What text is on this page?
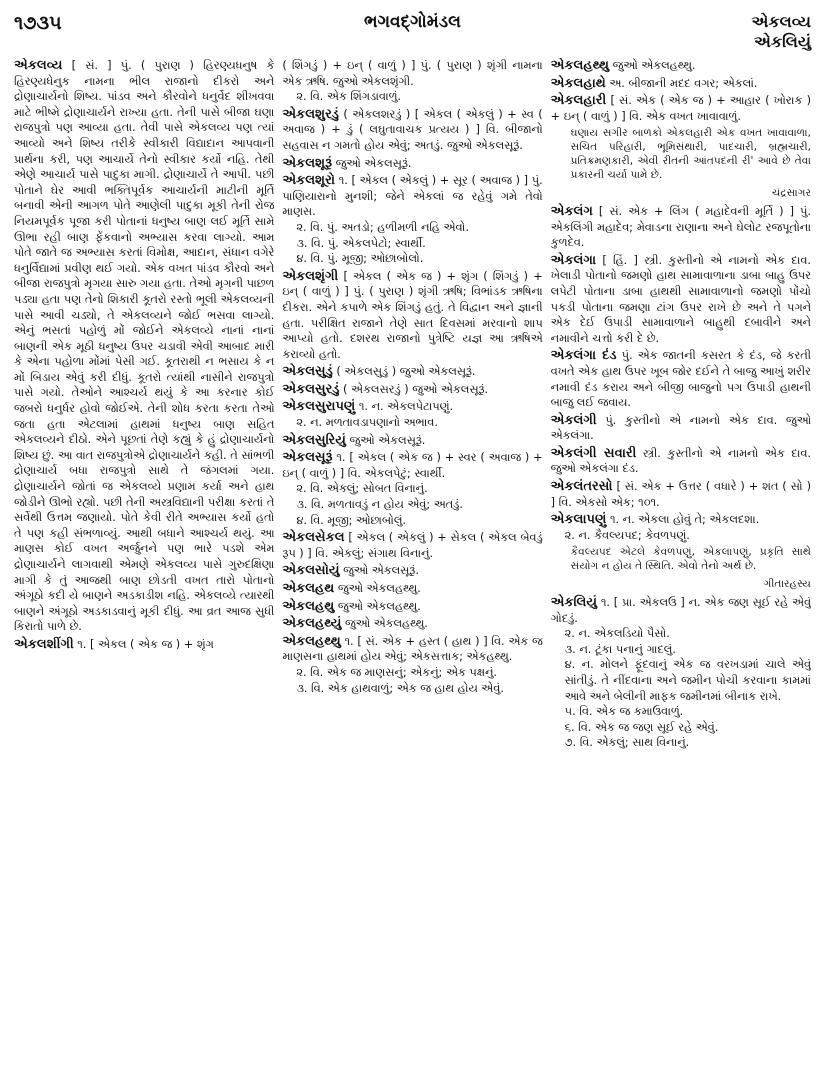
૧૭૩૫	ભગવદ્ગોમંડલ	એકલવ્ય
એકલિયું
એકલવ્ય [ સં. ] પું. ( પુરાણ ) હિરણ્યધનુષ કે હિરણ્યધેનુક નામના ભીલ રાજાનો દીકરો અને દ્રોણાચાર્યનો શિષ્ય. પાંડવ અને કૌરવોને ધનુર્વેદ શીખવવા માટે ભીષ્મે દ્રોણાચાર્યને રાખ્યા હતા. તેની પાસે બીજા ઘણા રાજપુત્રો પણ આવ્યા હતા. તેવી પાસે એકલવ્ય પણ ત્યાં આવ્યો અને શિષ્ય તરીકે સ્વીકારી વિદ્યાદાન આપવાની પ્રાર્થના કરી, પણ આચાર્યે તેનો સ્વીકાર કર્યો નહિ. તેથી એણે આચાર્ય પાસે પાદુકા માગી. દ્રોણાચાર્યે તે આપી. પછી પોતાને ઘેર આવી ભક્તિપૂર્વક આચાર્યની માટીની મૂર્તિ બનાવી એની આગળ પોતે આણેલી પાદુકા મૂકી તેની રોજ નિયમપૂર્વક પૂજા કરી પોતાનાં ધનુષ્ય બાણ લઈ મૂર્તિ સામે ઊભા રહી બાણ ફેંકવાનો અભ્યાસ કરવા લાગ્યો. આમ પોતે જાતે જ અભ્યાસ કરતાં વિમોક્ષ, આદાન, સંધાન વગેરે ધનુર્વિદ્યામાં પ્રવીણ થઈ ગયો. એક વખત પાંડવ કૌરવો અને બીજા રાજપુત્રો મૃગયા સારુ ગયા હતા. તેઓ મૃગની પાછળ પડ્યા હતા પણ તેનો શિકારી કૂતરો રસ્તો ભૂલી એકલવ્યની પાસે આવી ચડ્યો, તે એકલવ્યને જોઈ ભસવા લાગ્યો. એનું ભસતાં પહોળું મોં જોઈને એકલવ્યે નાનાં નાનાં બાણની એક મૂઠી ધનુષ્ય ઉપર ચડાવી એવી આબાદ મારી કે એના પહોળા મોંમાં પેસી ગઈ. કૂતરાથી ન ભસાય કે ન મોં બિડાય એવું કરી દીધું. કૂતરો ત્યાંથી નાસીને રાજપુત્રો પાસે ગયો. તેઓને આશ્ચર્ય થયું કે આ કરનાર કોઈ જબરો ધનુર્ધર હોવો જોઈએ. તેની શોધ કરતા કરતા તેઓ જતા હતા એટલામાં હાથમાં ધનુષ્ય બાણ સહિત એકલવ્યને દીઠો. એને પૂછતાં તેણે કહ્યું કે હું દ્રોણાચાર્યનો શિષ્ય છું. આ વાત રાજપુત્રોએ દ્રોણાચાર્યને કહી. તે સાંભળી દ્રોણાચાર્ય બધા રાજપુત્રો સાથે તે જંગલમાં ગયા. દ્રોણાચાર્યને જોતાં જ એકલવ્યે પ્રણામ કર્યા અને હાથ જોડીને ઊભો રહ્યો. પછી તેની અસ્ત્રવિદ્યાની પરીક્ષા કરતાં તે સર્વેથી ઉત્તમ જણાયો. પોતે કેવી રીતે અભ્યાસ કર્યો હતો તે પણ કહી સંભળાવ્યું. આથી બધાને આશ્ચર્ય થયું. આ માણસ કોઈ વખત અર્જુનને પણ ભારે પડશે એમ દ્રોણાચાર્યને લાગવાથી એમણે એકલવ્ય પાસે ગુરુદક્ષિણા માગી કે તું આજથી બાણ છોડતી વખત તારો પોતાનો અંગૂઠો કદી યે બાણને અડકાડીશ નહિ. એકલવ્યે ત્યારથી બાણને અંગૂઠો અડકાડવાનું મૂકી દીધું. આ વ્રત આજ સુધી કિરાતો પાળે છે.
એકલશીંગી ૧. [ એકલ ( એક જ ) + શૃંગ
( શિંગડું ) + ઇન્ ( વાળું ) ] પું. ( પુરાણ ) શૃંગી નામના એક ઋષિ. જુઓ એકલશૃંગી.
૨. વિ. એક શિંગડાવાળું.
એકલશુરડું ( એકલશરડું ) [ એકલ ( એકલું ) + સ્વ ( અવાજ ) + ડું ( લઘુતાવાચક પ્રત્યય ) ] વિ. બીજાનો સહવાસ ન ગમતો હોય એવું; અતડું. જુઓ એકલસૂરૂં.
એકલશૂરૂં જુઓ એકલસૂરૂં.
એકલશૂરો ૧. [ એકલ ( એકલું ) + સૂર ( અવાજ ) ] પું. પાણિયારાનો મુનશી; જેને એકલાં જ રહેવું ગમે તેવો માણસ.
૨. વિ. પું. અતડો; હળીમળી નહિ એવો.
૩. વિ. પું. એકલપેટો; સ્વાર્થી.
૪. વિ. પું. મૂજી; ઓછાબોલો.
એકલશૃંગી [ એકલ ( એક જ ) + શૃંગ ( શિંગડું ) + ઇન્ ( વાળું ) ] પું. ( પુરાણ ) શૃંગી ઋષિ; વિભાંડક ઋષિના દીકરા. એને કપાળે એક શિંગડું હતું. તે વિદ્વાન અને જ્ઞાની હતા. પરીક્ષિત રાજાને તેણે સાત દિવસમાં મરવાનો શાપ આપ્યો હતો. દશરથ રાજાનો પુત્રેષ્ટિ યજ્ઞ આ ઋષિએ કરાવ્યો હતો.
એકલસુડું ( એકલસુડું ) જુઓ એકલસૂરૂં.
એકલસુરડું ( એકલસરડું ) જુઓ એકલસૂરૂં.
એકલસુરાપણું ૧. ન. એકલપેટાપણું.
૨. ન. મળતાવડાપણાનો અભાવ.
એકલસુરિયું જુઓ એકલસૂરૂં.
એકલસૂરૂં ૧. [ એકલ ( એક જ ) + સ્વર ( અવાજ ) + ઇન્ ( વાળું ) ] વિ. એકલપેટું; સ્વાર્થી.
૨. વિ. એકલું; સોબત વિનાનું.
૩. વિ. મળતાવડું ન હોય એવું; અતડું.
૪. વિ. મૂજી; ઓછાબોલું.
એકલસેકલ [ એકલ ( એકલું ) + સેકલ ( એકલ બેવડું રૂપ ) ] વિ. એકલું; સંગાથ વિનાનું.
એકલસોયું જુઓ એકલસૂરૂં.
એકલહથ જુઓ એકલહથ્થુ.
એકલહથુ જુઓ એકલહથ્થુ.
એકલહથ્યું જુઓ એકલહથ્થુ.
એકલહથ્થુ ૧. [ સં. એક + હસ્ત ( હાથ ) ] વિ. એક જ માણસના હાથમાં હોય એવું; એકસત્તાક; એકહથ્થુ.
૨. વિ. એક જ માણસનું; એકનું; એક પક્ષનું.
૩. વિ. એક હાથવાળું; એક જ હાથ હોય એવું.
એકલહથ્થુ જુઓ એકલહથ્થુ.
એકલહાથે અ. બીજાની મદદ વગર; એકલાં.
એકલહારી [ સં. એક ( એક જ ) + આહાર ( ખોરાક ) + ઇન્ ( વાળું ) ] વિ. એક વખત ખાવાવાળું.
ઘણાય સગીર બાળકો એકલહારી એક વખત ખાવાવાળા, સચિત પરિહારી, ભૂમિસંથારી, પાદચારી, બ્રહ્મચારી, પ્રતિક્રમણકારી, એવી રીતની આંતપદની રી' આવે છે તેવા પ્રકારની ચર્યા પામે છે.
ચંદ્રસાગર
એકલંગ [ સં. એક + લિંગ ( મહાદેવની મૂર્તિ ) ] પું. એકલિંગી મહાદેવ; મેવાડના રાણાના અને ઘેલોટ રજપૂતોના કુળદેવ.
એકલંગા [ હિં. ] સ્ત્રી. કુસ્તીનો એ નામનો એક દાવ. ખેલાડી પોતાનો જમણો હાથ સામાવાળાના ડાબા બાહુ ઉપર લપેટી પોતાના ડાબા હાથથી સામાવાળાનો જમણો પોંચો પકડી પોતાના જમણા ટાંગ ઉપર રાખે છે અને તે પગને એક દેઈ ઉપાડી સામાવાળાને બાહુથી દબાવીને અને નમાવીને ચત્તો કરી દે છે.
એકલંગા દંડ પું. એક જાતની કસરત કે દંડ, જે કરતી વખતે એક હાથ ઉપર ખૂબ જોર દઈને તે બાજુ આખું શરીર નમાવી દંડ કરાય અને બીજી બાજુનો પગ ઉપાડી હાથની બાજુ લઈ જવાય.
એકલંગી પું. કુસ્તીનો એ નામનો એક દાવ. જુઓ એકલંગા.
એકલંગી સવારી સ્ત્રી. કુસ્તીનો એ નામનો એક દાવ. જુઓ એકલંગા દંડ.
એકલંતરસો [ સં. એક + ઉત્તર ( વધારે ) + શત ( સો ) ] વિ. એકસો એક; ૧૦૧.
એકલાપણું ૧. ન. એકલા હોવું તે; એકલદશા.
૨. ન. કૈવલ્યપદ; કેવળપણું.
કૈવલ્યપદ એટલે કેવળપણું, એકલાપણું, પ્રકૃતિ સાથે સંયોગ ન હોય તે સ્થિતિ. એવો તેનો અર્થ છે.
ગીતારહસ્ય
એકલિયું ૧. [ પ્રા. એકલઉ ] ન. એક જણ સૂઈ રહે એવું ગોદડું.
૨. ન. એકલડિયો પૈસો.
૩. ન. ટૂંકા પનાનું ગાદલું.
૪. ન. મોલને ફૂંદવાનું એક જ વરખડામાં ચાલે એવું સાંતીડું. તે નીંદવાના અને જમીન પોચી કરવાના કામમાં આવે અને બેલીની માફક જમીનમાં બીનાક રાખે.
૫. વિ. એક જ કમાઉવાળું.
૬. વિ. એક જ જણ સૂઈ રહે એવું.
૭. વિ. એકલું; સાથ વિનાનું.
